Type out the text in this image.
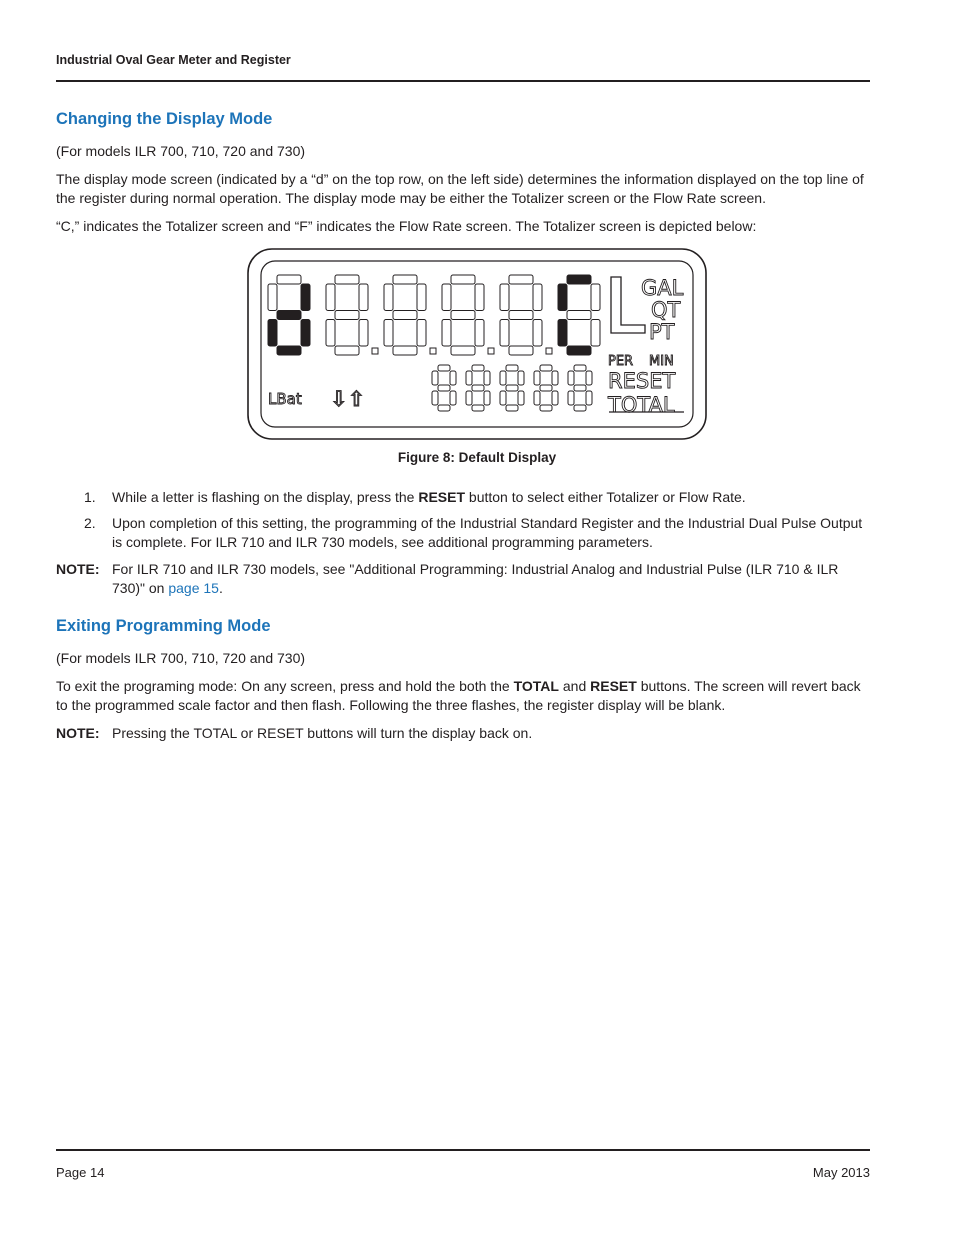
Industrial Oval Gear Meter and Register
Changing the Display Mode
(For models ILR 700, 710, 720 and 730)
The display mode screen (indicated by a “d” on the top row, on the left side) determines the information displayed on the top line of the register during normal operation. The display mode may be either the Totalizer screen or the Flow Rate screen.
“C,” indicates the Totalizer screen and “F” indicates the Flow Rate screen. The Totalizer screen is depicted below:
GAL
QT
PT
PER MIN
RESET
TOTAL
LBat ⇩⇧
Figure 8: Default Display
1. While a letter is flashing on the display, press the RESET button to select either Totalizer or Flow Rate.
2. Upon completion of this setting, the programming of the Industrial Standard Register and the Industrial Dual Pulse Output is complete. For ILR 710 and ILR 730 models, see additional programming parameters.
NOTE: For ILR 710 and ILR 730 models, see "Additional Programming: Industrial Analog and Industrial Pulse (ILR 710 & ILR 730)" on page 15.
Exiting Programming Mode
(For models ILR 700, 710, 720 and 730)
To exit the programing mode: On any screen, press and hold the both the TOTAL and RESET buttons. The screen will revert back to the programmed scale factor and then flash. Following the three flashes, the register display will be blank.
NOTE: Pressing the TOTAL or RESET buttons will turn the display back on.
Page 14	May 2013
